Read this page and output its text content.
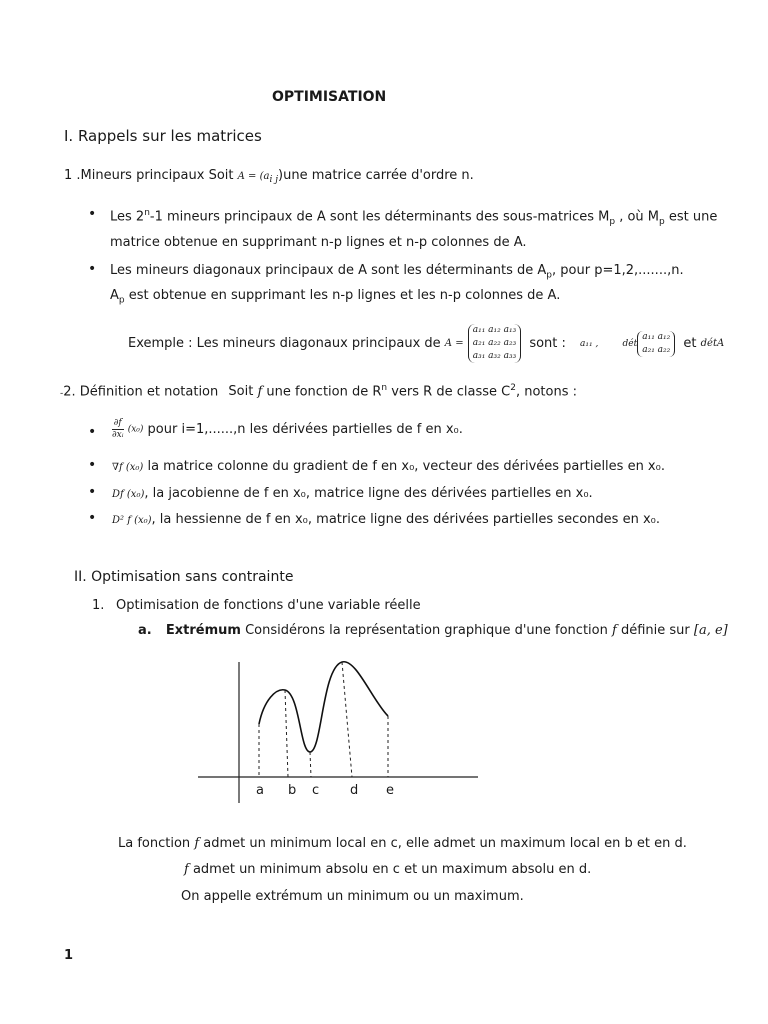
OPTIMISATION
I. Rappels sur les matrices
1 .Mineurs principaux Soit $A = (a_{i j})une$ matrice carrée d'ordre n.
• Les 2$^n$-1 mineurs principaux de A sont les déterminants des sous-matrices $M_p$ , où $M_p$ est une
matrice obtenue en supprimant n-p lignes et n-p colonnes de A.
• Les mineurs diagonaux principaux de A sont les déterminants de $A_p$, pour p=1,2,.......,n.
$A_p$ est obtenue en supprimant les n-p lignes et les n-p colonnes de A.
Exemple : Les mineurs diagonaux principaux de A =
a₁₁ a₁₂ a₁₃
a₂₁ a₂₂ a₂₃
a₃₁ a₃₂ a₃₃
sont : a₁₁ ,	dét
a₁₁ a₁₂
a₂₁ a₂₂ et détA
-2. Définition et notation Soit f une fonction de $R^n$ vers R de classe $C^2$, notons :
• $\frac{\partial f}{\text{∂xᵢ}} (x_0)$ pour i=1,......,n les dérivées partielles de f en x₀.
• ∇f (x₀) la matrice colonne du gradient de f en x₀, vecteur des dérivées partielles en x₀.
• Df (x₀), la jacobienne de f en x₀, matrice ligne des dérivées partielles en x₀.
• D² f (x₀), la hessienne de f en x₀, matrice ligne des dérivées partielles secondes en x₀.
II. Optimisation sans contrainte
1. Optimisation de fonctions d'une variable réelle
a. Extrémum Considérons la représentation graphique d'une fonction f définie sur [a, e]
a b c d e
La fonction f admet un minimum local en c, elle admet un maximum local en b et en d.
f admet un minimum absolu en c et un maximum absolu en d.
On appelle extrémum un minimum ou un maximum.
1
